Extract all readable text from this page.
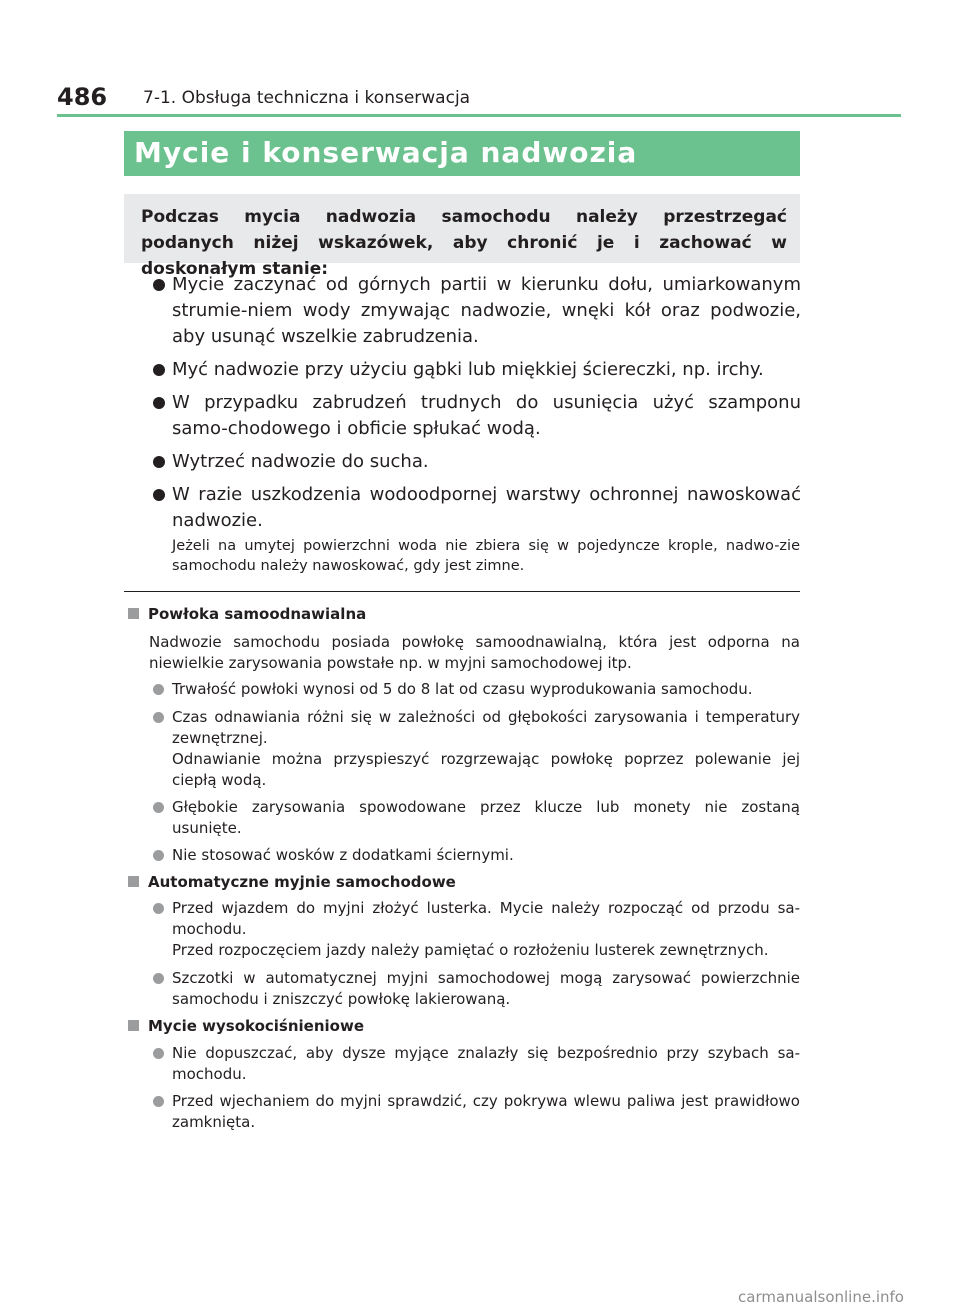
486 7-1. Obsługa techniczna i konserwacja
Mycie i konserwacja nadwozia
Podczas mycia nadwozia samochodu należy przestrzegać podanych niżej wskazówek, aby chronić je i zachować w doskonałym stanie:
Mycie zaczynać od górnych partii w kierunku dołu, umiarkowanym strumie-niem wody zmywając nadwozie, wnęki kół oraz podwozie, aby usunąć wszelkie zabrudzenia.
Myć nadwozie przy użyciu gąbki lub miękkiej ściereczki, np. irchy.
W przypadku zabrudzeń trudnych do usunięcia użyć szamponu samo-chodowego i obficie spłukać wodą.
Wytrzeć nadwozie do sucha.
W razie uszkodzenia wodoodpornej warstwy ochronnej nawoskować nadwozie.
Jeżeli na umytej powierzchni woda nie zbiera się w pojedyncze krople, nadwo-zie samochodu należy nawoskować, gdy jest zimne.
Powłoka samoodnawialna
Nadwozie samochodu posiada powłokę samoodnawialną, która jest odporna na niewielkie zarysowania powstałe np. w myjni samochodowej itp.
Trwałość powłoki wynosi od 5 do 8 lat od czasu wyprodukowania samochodu.
Czas odnawiania różni się w zależności od głębokości zarysowania i temperatury zewnętrznej.
Odnawianie można przyspieszyć rozgrzewając powłokę poprzez polewanie jej ciepłą wodą.
Głębokie zarysowania spowodowane przez klucze lub monety nie zostaną usunięte.
Nie stosować wosków z dodatkami ściernymi.
Automatyczne myjnie samochodowe
Przed wjazdem do myjni złożyć lusterka. Mycie należy rozpocząć od przodu sa-mochodu.
Przed rozpoczęciem jazdy należy pamiętać o rozłożeniu lusterek zewnętrznych.
Szczotki w automatycznej myjni samochodowej mogą zarysować powierzchnie samochodu i zniszczyć powłokę lakierowaną.
Mycie wysokociśnieniowe
Nie dopuszczać, aby dysze myjące znalazły się bezpośrednio przy szybach sa-mochodu.
Przed wjechaniem do myjni sprawdzić, czy pokrywa wlewu paliwa jest prawidłowo zamknięta.
carmanualsonline.info
